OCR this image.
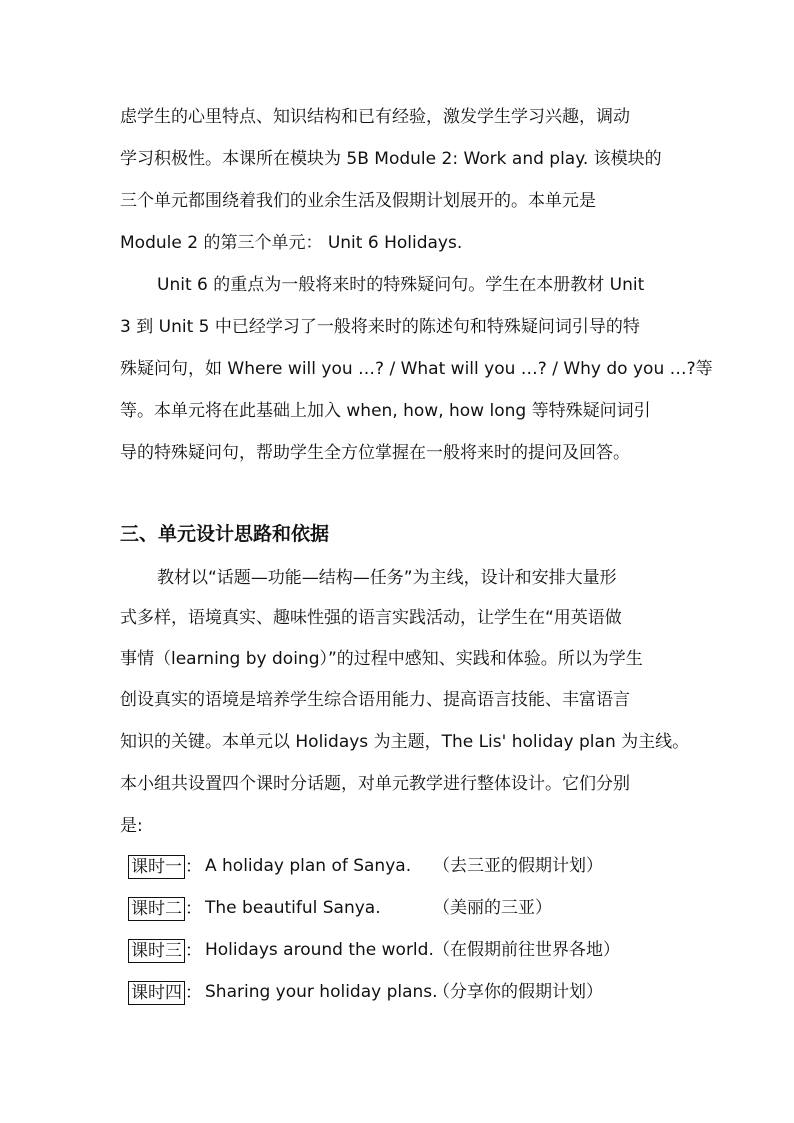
虑学生的心里特点、知识结构和已有经验，激发学生学习兴趣，调动
学习积极性。本课所在模块为 5B Module 2: Work and play. 该模块的
三个单元都围绕着我们的业余生活及假期计划展开的。本单元是
Module 2 的第三个单元： Unit 6 Holidays.
Unit 6 的重点为一般将来时的特殊疑问句。学生在本册教材 Unit
3 到 Unit 5 中已经学习了一般将来时的陈述句和特殊疑问词引导的特
殊疑问句，如 Where will you …? / What will you …? / Why do you …?等
等。本单元将在此基础上加入 when, how, how long 等特殊疑问词引
导的特殊疑问句，帮助学生全方位掌握在一般将来时的提问及回答。
三、单元设计思路和依据
教材以“话题—功能—结构—任务”为主线，设计和安排大量形
式多样，语境真实、趣味性强的语言实践活动，让学生在“用英语做
事情（learning by doing）”的过程中感知、实践和体验。所以为学生
创设真实的语境是培养学生综合语用能力、提高语言技能、丰富语言
知识的关键。本单元以 Holidays 为主题，The Lis' holiday plan 为主线。
本小组共设置四个课时分话题，对单元教学进行整体设计。它们分别
是:
课时一 ： A holiday plan of Sanya. （去三亚的假期计划）
课时二 ： The beautiful Sanya.	（美丽的三亚）
课时三 ： Holidays around the world. （在假期前往世界各地）
课时四 ： Sharing your holiday plans.
（分享你的假期计划）
